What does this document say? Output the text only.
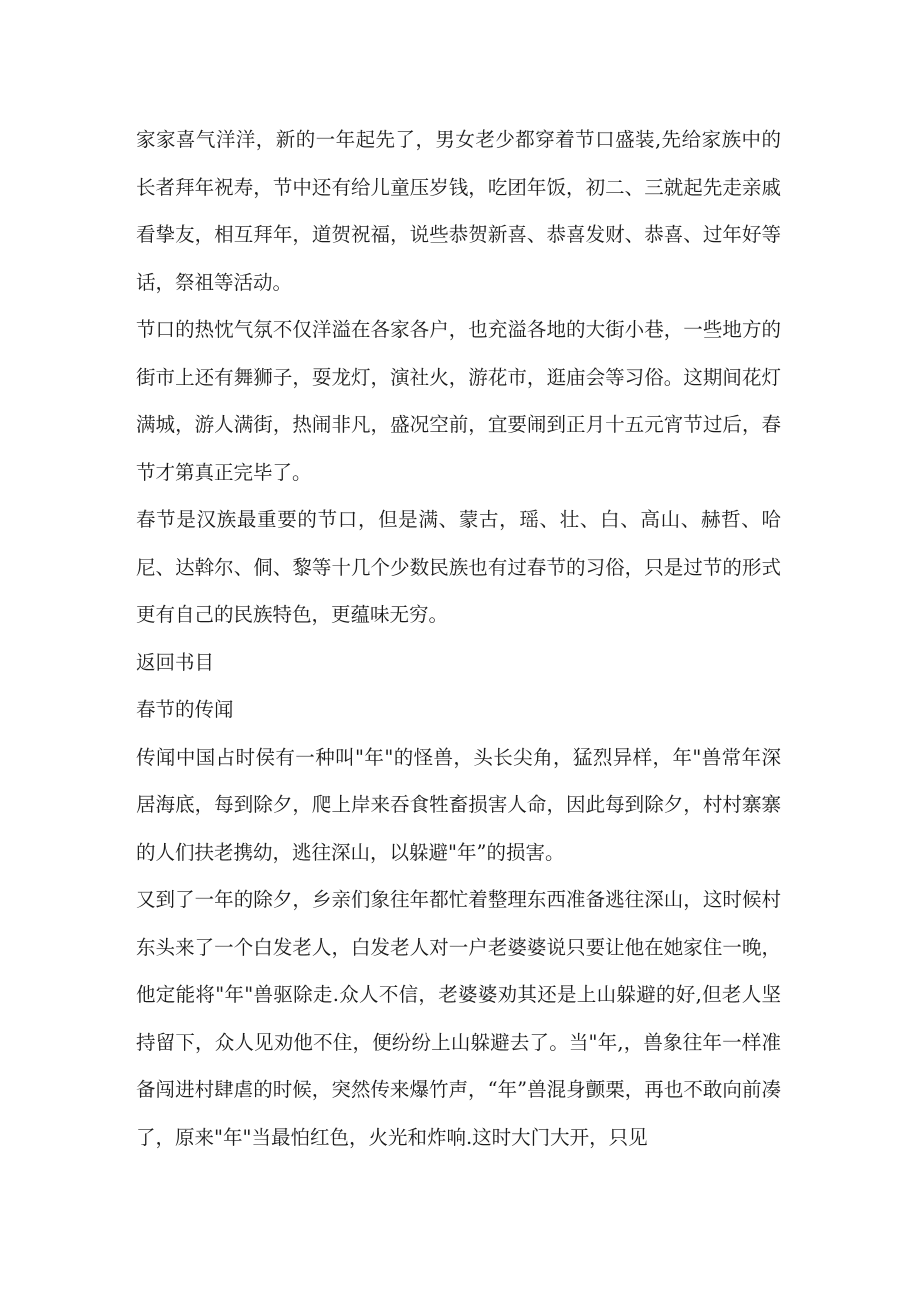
家家喜气洋洋，新的一年起先了，男女老少都穿着节口盛装,先给家族中的长者拜年祝寿，节中还有给儿童压岁钱，吃团年饭，初二、三就起先走亲戚看挚友，相互拜年，道贺祝福，说些恭贺新喜、恭喜发财、恭喜、过年好等话，祭祖等活动。

节口的热忱气氛不仅洋溢在各家各户，也充溢各地的大街小巷，一些地方的街市上还有舞狮子，耍龙灯，演社火，游花市，逛庙会等习俗。这期间花灯满城，游人满街，热闹非凡，盛况空前，宜要闹到正月十五元宵节过后，春节才第真正完毕了。

春节是汉族最重要的节口，但是满、蒙古，瑶、壮、白、高山、赫哲、哈尼、达斡尔、侗、黎等十几个少数民族也有过春节的习俗，只是过节的形式更有自己的民族特色，更蕴味无穷。

返回书目

春节的传闻

传闻中国占时侯有一种叫"年"的怪兽，头长尖角，猛烈异样，年"兽常年深居海底，每到除夕，爬上岸来吞食牲畜损害人命，因此每到除夕，村村寨寨的人们扶老携幼，逃往深山，以躲避"年”的损害。

又到了一年的除夕，乡亲们象往年都忙着整理东西准备逃往深山，这时候村东头来了一个白发老人，白发老人对一户老婆婆说只要让他在她家住一晚，他定能将"年"兽驱除走.众人不信，老婆婆劝其还是上山躲避的好,但老人坚持留下，众人见劝他不住，便纷纷上山躲避去了。当"年,，兽象往年一样准备闯进村肆虐的时候，突然传来爆竹声，“年”兽混身颤栗，再也不敢向前凑了，原来"年"当最怕红色，火光和炸响.这时大门大开，只见
